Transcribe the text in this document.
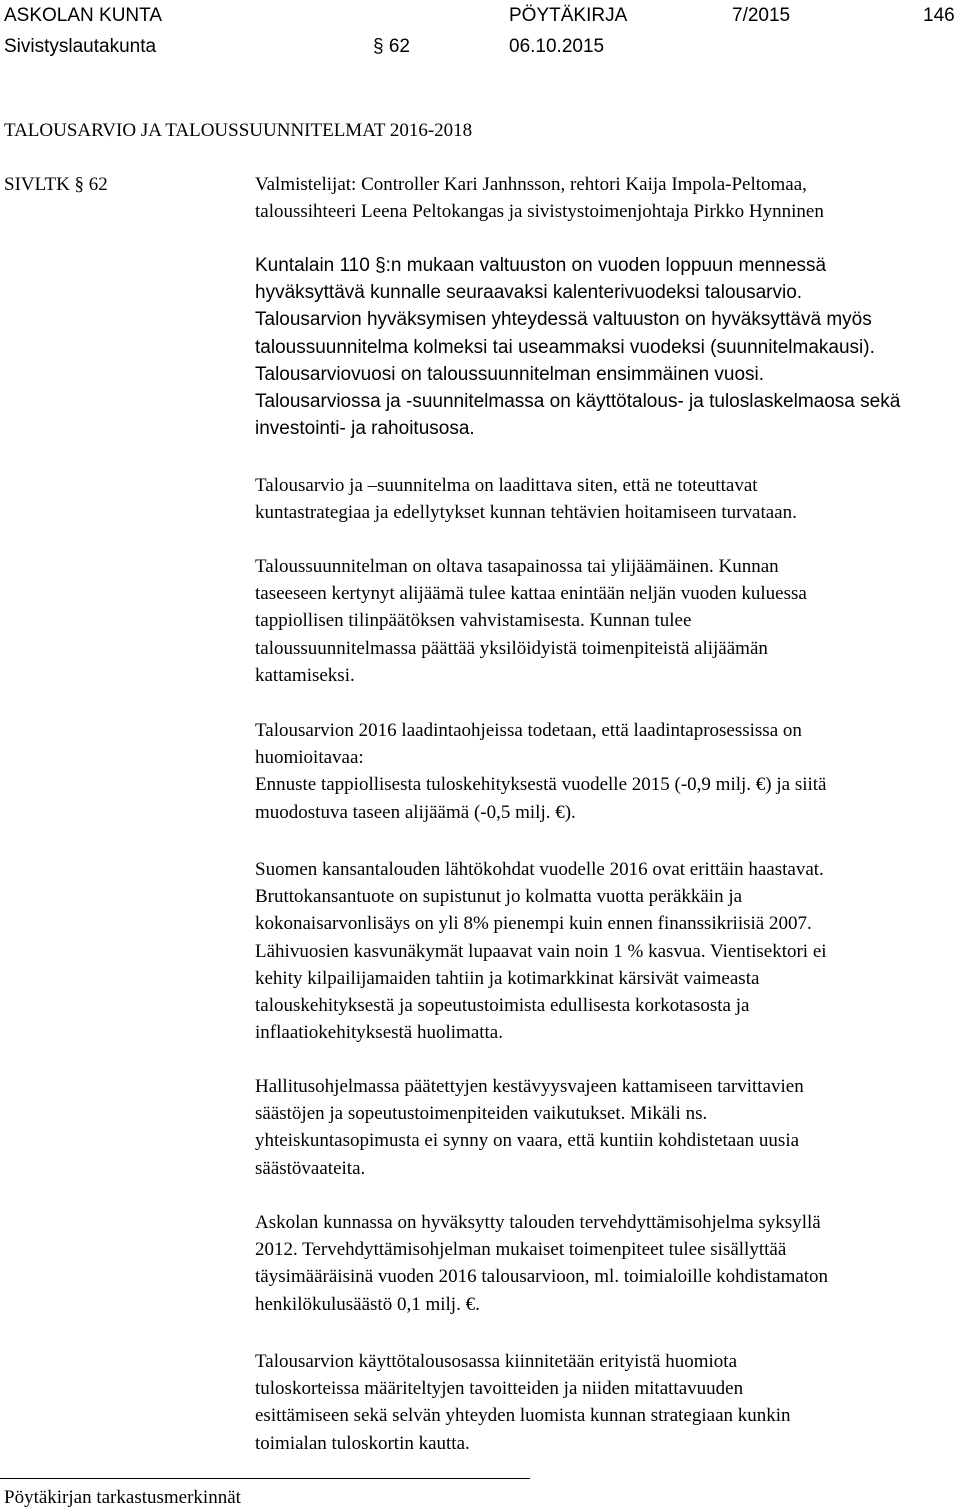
ASKOLAN KUNTA	PÖYTÄKIRJA	7/2015	146
Sivistyslautakunta	§ 62	06.10.2015
TALOUSARVIO JA TALOUSSUUNNITELMAT 2016-2018
SIVLTK § 62	Valmistelijat: Controller Kari Janhnsson, rehtori Kaija Impola-Peltomaa,
taloussihteeri Leena Peltokangas ja sivistystoimenjohtaja Pirkko Hynninen
Kuntalain 110 §:n mukaan valtuuston on vuoden loppuun mennessä
hyväksyttävä kunnalle seuraavaksi kalenterivuodeksi talousarvio.
Talousarvion hyväksymisen yhteydessä valtuuston on hyväksyttävä myös
taloussuunnitelma kolmeksi tai useammaksi vuodeksi (suunnitelmakausi).
Talousarviovuosi on taloussuunnitelman ensimmäinen vuosi.
Talousarviossa ja -suunnitelmassa on käyttötalous- ja tuloslaskelmaosa sekä
investointi- ja rahoitusosa.
Talousarvio ja –suunnitelma on laadittava siten, että ne toteuttavat
kuntastrategiaa ja edellytykset kunnan tehtävien hoitamiseen turvataan.
Taloussuunnitelman on oltava tasapainossa tai ylijäämäinen. Kunnan
taseeseen kertynyt alijäämä tulee kattaa enintään neljän vuoden kuluessa
tappiollisen tilinpäätöksen vahvistamisesta. Kunnan tulee
taloussuunnitelmassa päättää yksilöidyistä toimenpiteistä alijäämän
kattamiseksi.
Talousarvion 2016 laadintaohjeissa todetaan, että laadintaprosessissa on
huomioitavaa:
Ennuste tappiollisesta tuloskehityksestä vuodelle 2015 (-0,9 milj. €) ja siitä
muodostuva taseen alijäämä (-0,5 milj. €).
Suomen kansantalouden lähtökohdat vuodelle 2016 ovat erittäin haastavat.
Bruttokansantuote on supistunut jo kolmatta vuotta peräkkäin ja
kokonaisarvonlisäys on yli 8% pienempi kuin ennen finanssikriisiä 2007.
Lähivuosien kasvunäkymät lupaavat vain noin 1 % kasvua. Vientisektori ei
kehity kilpailijamaiden tahtiin ja kotimarkkinat kärsivät vaimeasta
talouskehityksestä ja sopeutustoimista edullisesta korkotasosta ja
inflaatiokehityksestä huolimatta.
Hallitusohjelmassa päätettyjen kestävyysvajeen kattamiseen tarvittavien
säästöjen ja sopeutustoimenpiteiden vaikutukset. Mikäli ns.
yhteiskuntasopimusta ei synny on vaara, että kuntiin kohdistetaan uusia
säästövaateita.
Askolan kunnassa on hyväksytty talouden tervehdyttämisohjelma syksyllä
2012. Tervehdyttämisohjelman mukaiset toimenpiteet tulee sisällyttää
täysimääräisinä vuoden 2016 talousarvioon, ml. toimialoille kohdistamaton
henkilökulusäästö 0,1 milj. €.
Talousarvion käyttötalousosassa kiinnitetään erityistä huomiota
tuloskorteissa määriteltyjen tavoitteiden ja niiden mitattavuuden
esittämiseen sekä selvän yhteyden luomista kunnan strategiaan kunkin
toimialan tuloskortin kautta.
Pöytäkirjan tarkastusmerkinnät
